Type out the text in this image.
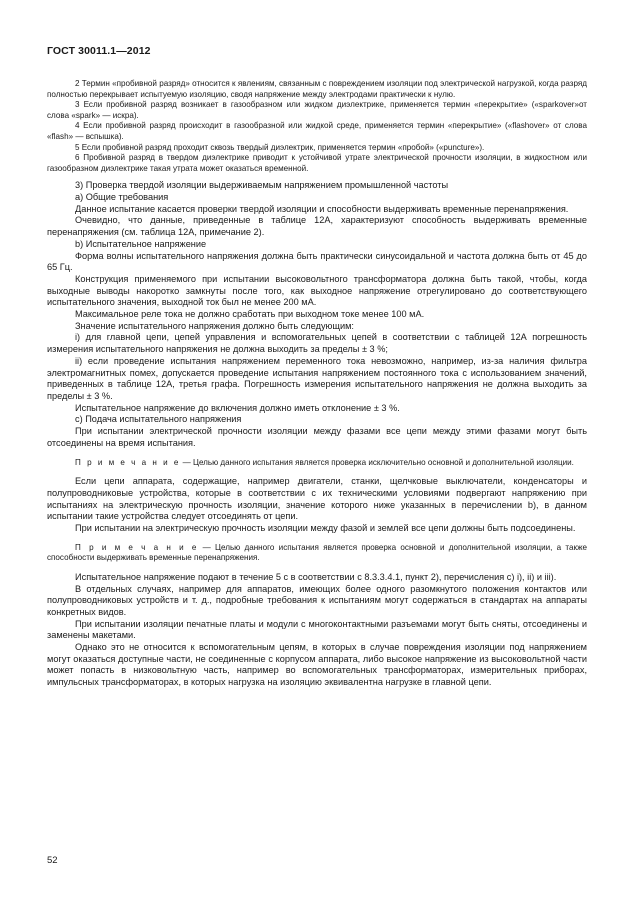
ГОСТ 30011.1—2012

2 Термин «пробивной разряд» относится к явлениям, связанным с повреждением изоляции под электрической нагрузкой, когда разряд полностью перекрывает испытуемую изоляцию, сводя напряжение между электродами практически к нулю.

3 Если пробивной разряд возникает в газообразном или жидком диэлектрике, применяется термин «перекрытие» («sparkover»от слова «spark» — искра).

4 Если пробивной разряд происходит в газообразной или жидкой среде, применяется термин «перекрытие» («flashover» от слова «flash» — вспышка).

5 Если пробивной разряд проходит сквозь твердый диэлектрик, применяется термин «пробой» («puncture»).

6 Пробивной разряд в твердом диэлектрике приводит к устойчивой утрате электрической прочности изоляции, в жидкостном или газообразном диэлектрике такая утрата может оказаться временной.

3) Проверка твердой изоляции выдерживаемым напряжением промышленной частоты

а) Общие требования

Данное испытание касается проверки твердой изоляции и способности выдерживать временные перенапряжения.

Очевидно, что данные, приведенные в таблице 12А, характеризуют способность выдерживать временные перенапряжения (см. таблица 12А, примечание 2).

b) Испытательное напряжение

Форма волны испытательного напряжения должна быть практически синусоидальной и частота должна быть от 45 до 65 Гц.

Конструкция применяемого при испытании высоковольтного трансформатора должна быть такой, чтобы, когда выходные выводы накоротко замкнуты после того, как выходное напряжение отрегулировано до соответствующего испытательного значения, выходной ток был не менее 200 мА.

Максимальное реле тока не должно сработать при выходном токе менее 100 мА.

Значение испытательного напряжения должно быть следующим:

i) для главной цепи, цепей управления и вспомогательных цепей в соответствии с таблицей 12А погрешность измерения испытательного напряжения не должна выходить за пределы ± 3 %;

ii) если проведение испытания напряжением переменного тока невозможно, например, из-за наличия фильтра электромагнитных помех, допускается проведение испытания напряжением постоянного тока с использованием значений, приведенных в таблице 12А, третья графа. Погрешность измерения испытательного напряжения не должна выходить за пределы ± 3 %.

Испытательное напряжение до включения должно иметь отклонение ± 3 %.

с) Подача испытательного напряжения

При испытании электрической прочности изоляции между фазами все цепи между этими фазами могут быть отсоединены на время испытания.

П р и м е ч а н и е — Целью данного испытания является проверка исключительно основной и дополнительной изоляции.

Если цепи аппарата, содержащие, например двигатели, станки, щелчковые выключатели, конденсаторы и полупроводниковые устройства, которые в соответствии с их техническими условиями подвергают напряжению при испытаниях на электрическую прочность изоляции, значение которого ниже указанных в перечислении b), в данном испытании такие устройства следует отсоединять от цепи.

При испытании на электрическую прочность изоляции между фазой и землей все цепи должны быть подсоединены.

П р и м е ч а н и е — Целью данного испытания является проверка основной и дополнительной изоляции, а также способности выдерживать временные перенапряжения.

Испытательное напряжение подают в течение 5 с в соответствии с 8.3.3.4.1, пункт 2), перечисления с) i), ii) и iii).

В отдельных случаях, например для аппаратов, имеющих более одного разомкнутого положения контактов или полупроводниковых устройств и т. д., подробные требования к испытаниям могут содержаться в стандартах на аппараты конкретных видов.

При испытании изоляции печатные платы и модули с многоконтактными разъемами могут быть сняты, отсоединены и заменены макетами.

Однако это не относится к вспомогательным цепям, в которых в случае повреждения изоляции под напряжением могут оказаться доступные части, не соединенные с корпусом аппарата, либо высокое напряжение из высоковольтной части может попасть в низковольтную часть, например во вспомогательных трансформаторах, измерительных приборах, импульсных трансформаторах, в которых нагрузка на изоляцию эквивалентна нагрузке в главной цепи.

52
